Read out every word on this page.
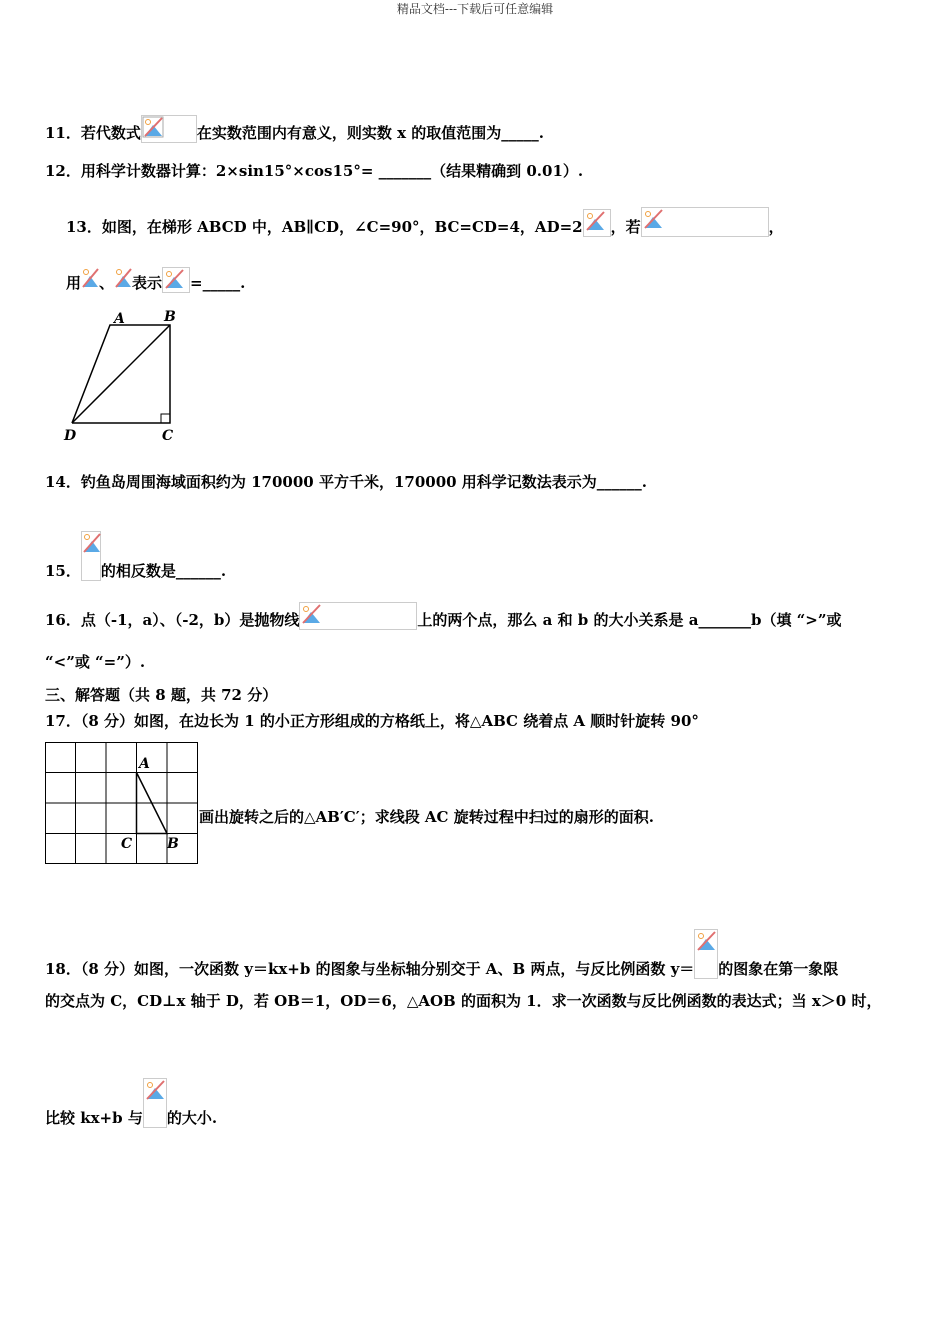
精品文档---下载后可任意编辑
11．若代数式	在实数范围内有意义，则实数 x 的取值范围为_____.
12．用科学计数器计算：2×sin15°×cos15°= _______（结果精确到 0.01）.
13．如图，在梯形 ABCD 中，AB∥CD，∠C=90°，BC=CD=4，AD=2 ，若	，
用 、 表示 =_____.
A	B
C
D
14．钓鱼岛周围海域面积约为 170000 平方千米，170000 用科学记数法表示为______.
15． 的相反数是______.
16．点（-1，a）、（-2，b）是抛物线	上的两个点，那么 a 和 b 的大小关系是 a_______b（填 “>”或
“<”或 “=”）.
三、解答题（共 8 题，共 72 分）
17．（8 分）如图，在边长为 1 的小正方形组成的方格纸上，将△ABC 绕着点 A 顺时针旋转 90°
A
B
C
画出旋转之后的△AB′C′；求线段 AC 旋转过程中扫过的扇形的面积.
18．（8 分）如图，一次函数 y＝kx+b 的图象与坐标轴分别交于 A、B 两点，与反比例函数 y＝ 的图象在第一象限
的交点为 C，CD⊥x 轴于 D，若 OB＝1，OD＝6，△AOB 的面积为 1．求一次函数与反比例函数的表达式；当 x＞0 时，
比较 kx+b 与 的大小.
